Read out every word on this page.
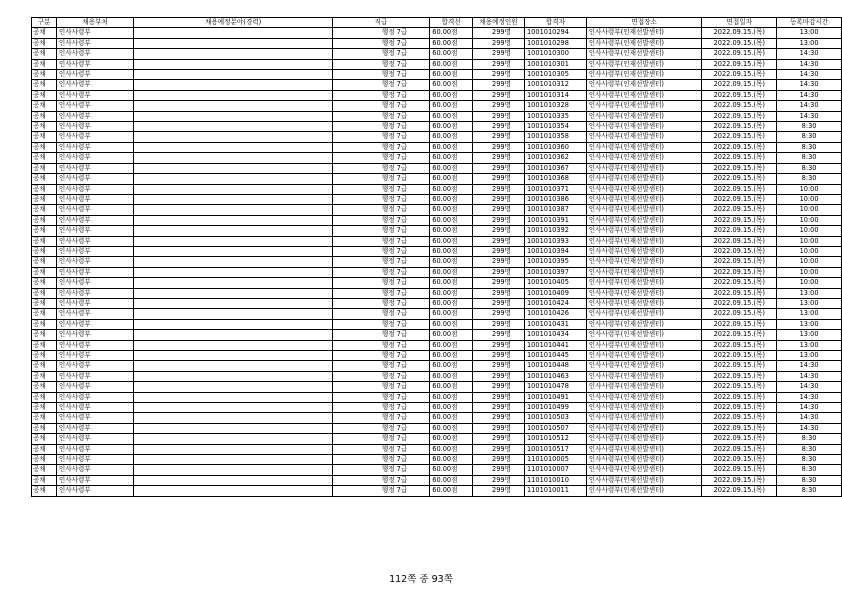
구분	채용부처	채용예정분야(경력)	직급	합격선	채용예정인원	합격자	면접장소	면접일자	등록마감시간
공채	인사사령부		행정 7급	60.00점	299명	1001010294	인사사령부(인재선발센터)	2022.09.15.(목)	13:00
공채	인사사령부		행정 7급	60.00점	299명	1001010298	인사사령부(인재선발센터)	2022.09.15.(목)	13:00
공채	인사사령부		행정 7급	60.00점	299명	1001010300	인사사령부(인재선발센터)	2022.09.15.(목)	14:30
공채	인사사령부		행정 7급	60.00점	299명	1001010301	인사사령부(인재선발센터)	2022.09.15.(목)	14:30
공채	인사사령부		행정 7급	60.00점	299명	1001010305	인사사령부(인재선발센터)	2022.09.15.(목)	14:30
공채	인사사령부		행정 7급	60.00점	299명	1001010312	인사사령부(인재선발센터)	2022.09.15.(목)	14:30
공채	인사사령부		행정 7급	60.00점	299명	1001010314	인사사령부(인재선발센터)	2022.09.15.(목)	14:30
공채	인사사령부		행정 7급	60.00점	299명	1001010328	인사사령부(인재선발센터)	2022.09.15.(목)	14:30
공채	인사사령부		행정 7급	60.00점	299명	1001010335	인사사령부(인재선발센터)	2022.09.15.(목)	14:30
공채	인사사령부		행정 7급	60.00점	299명	1001010354	인사사령부(인재선발센터)	2022.09.15.(목)	8:30
공채	인사사령부		행정 7급	60.00점	299명	1001010358	인사사령부(인재선발센터)	2022.09.15.(목)	8:30
공채	인사사령부		행정 7급	60.00점	299명	1001010360	인사사령부(인재선발센터)	2022.09.15.(목)	8:30
공채	인사사령부		행정 7급	60.00점	299명	1001010362	인사사령부(인재선발센터)	2022.09.15.(목)	8:30
공채	인사사령부		행정 7급	60.00점	299명	1001010367	인사사령부(인재선발센터)	2022.09.15.(목)	8:30
공채	인사사령부		행정 7급	60.00점	299명	1001010368	인사사령부(인재선발센터)	2022.09.15.(목)	8:30
공채	인사사령부		행정 7급	60.00점	299명	1001010371	인사사령부(인재선발센터)	2022.09.15.(목)	10:00
공채	인사사령부		행정 7급	60.00점	299명	1001010386	인사사령부(인재선발센터)	2022.09.15.(목)	10:00
공채	인사사령부		행정 7급	60.00점	299명	1001010387	인사사령부(인재선발센터)	2022.09.15.(목)	10:00
공채	인사사령부		행정 7급	60.00점	299명	1001010391	인사사령부(인재선발센터)	2022.09.15.(목)	10:00
공채	인사사령부		행정 7급	60.00점	299명	1001010392	인사사령부(인재선발센터)	2022.09.15.(목)	10:00
공채	인사사령부		행정 7급	60.00점	299명	1001010393	인사사령부(인재선발센터)	2022.09.15.(목)	10:00
공채	인사사령부		행정 7급	60.00점	299명	1001010394	인사사령부(인재선발센터)	2022.09.15.(목)	10:00
공채	인사사령부		행정 7급	60.00점	299명	1001010395	인사사령부(인재선발센터)	2022.09.15.(목)	10:00
공채	인사사령부		행정 7급	60.00점	299명	1001010397	인사사령부(인재선발센터)	2022.09.15.(목)	10:00
공채	인사사령부		행정 7급	60.00점	299명	1001010405	인사사령부(인재선발센터)	2022.09.15.(목)	10:00
공채	인사사령부		행정 7급	60.00점	299명	1001010409	인사사령부(인재선발센터)	2022.09.15.(목)	13:00
공채	인사사령부		행정 7급	60.00점	299명	1001010424	인사사령부(인재선발센터)	2022.09.15.(목)	13:00
공채	인사사령부		행정 7급	60.00점	299명	1001010426	인사사령부(인재선발센터)	2022.09.15.(목)	13:00
공채	인사사령부		행정 7급	60.00점	299명	1001010431	인사사령부(인재선발센터)	2022.09.15.(목)	13:00
공채	인사사령부		행정 7급	60.00점	299명	1001010434	인사사령부(인재선발센터)	2022.09.15.(목)	13:00
공채	인사사령부		행정 7급	60.00점	299명	1001010441	인사사령부(인재선발센터)	2022.09.15.(목)	13:00
공채	인사사령부		행정 7급	60.00점	299명	1001010445	인사사령부(인재선발센터)	2022.09.15.(목)	13:00
공채	인사사령부		행정 7급	60.00점	299명	1001010448	인사사령부(인재선발센터)	2022.09.15.(목)	14:30
공채	인사사령부		행정 7급	60.00점	299명	1001010463	인사사령부(인재선발센터)	2022.09.15.(목)	14:30
공채	인사사령부		행정 7급	60.00점	299명	1001010478	인사사령부(인재선발센터)	2022.09.15.(목)	14:30
공채	인사사령부		행정 7급	60.00점	299명	1001010491	인사사령부(인재선발센터)	2022.09.15.(목)	14:30
공채	인사사령부		행정 7급	60.00점	299명	1001010499	인사사령부(인재선발센터)	2022.09.15.(목)	14:30
공채	인사사령부		행정 7급	60.00점	299명	1001010503	인사사령부(인재선발센터)	2022.09.15.(목)	14:30
공채	인사사령부		행정 7급	60.00점	299명	1001010507	인사사령부(인재선발센터)	2022.09.15.(목)	14:30
공채	인사사령부		행정 7급	60.00점	299명	1001010512	인사사령부(인재선발센터)	2022.09.15.(목)	8:30
공채	인사사령부		행정 7급	60.00점	299명	1001010517	인사사령부(인재선발센터)	2022.09.15.(목)	8:30
공채	인사사령부		행정 7급	60.00점	299명	1101010005	인사사령부(인재선발센터)	2022.09.15.(목)	8:30
공채	인사사령부		행정 7급	60.00점	299명	1101010007	인사사령부(인재선발센터)	2022.09.15.(목)	8:30
공채	인사사령부		행정 7급	60.00점	299명	1101010010	인사사령부(인재선발센터)	2022.09.15.(목)	8:30
공채	인사사령부		행정 7급	60.00점	299명	1101010011	인사사령부(인재선발센터)	2022.09.15.(목)	8:30
112쪽 중 93쪽
